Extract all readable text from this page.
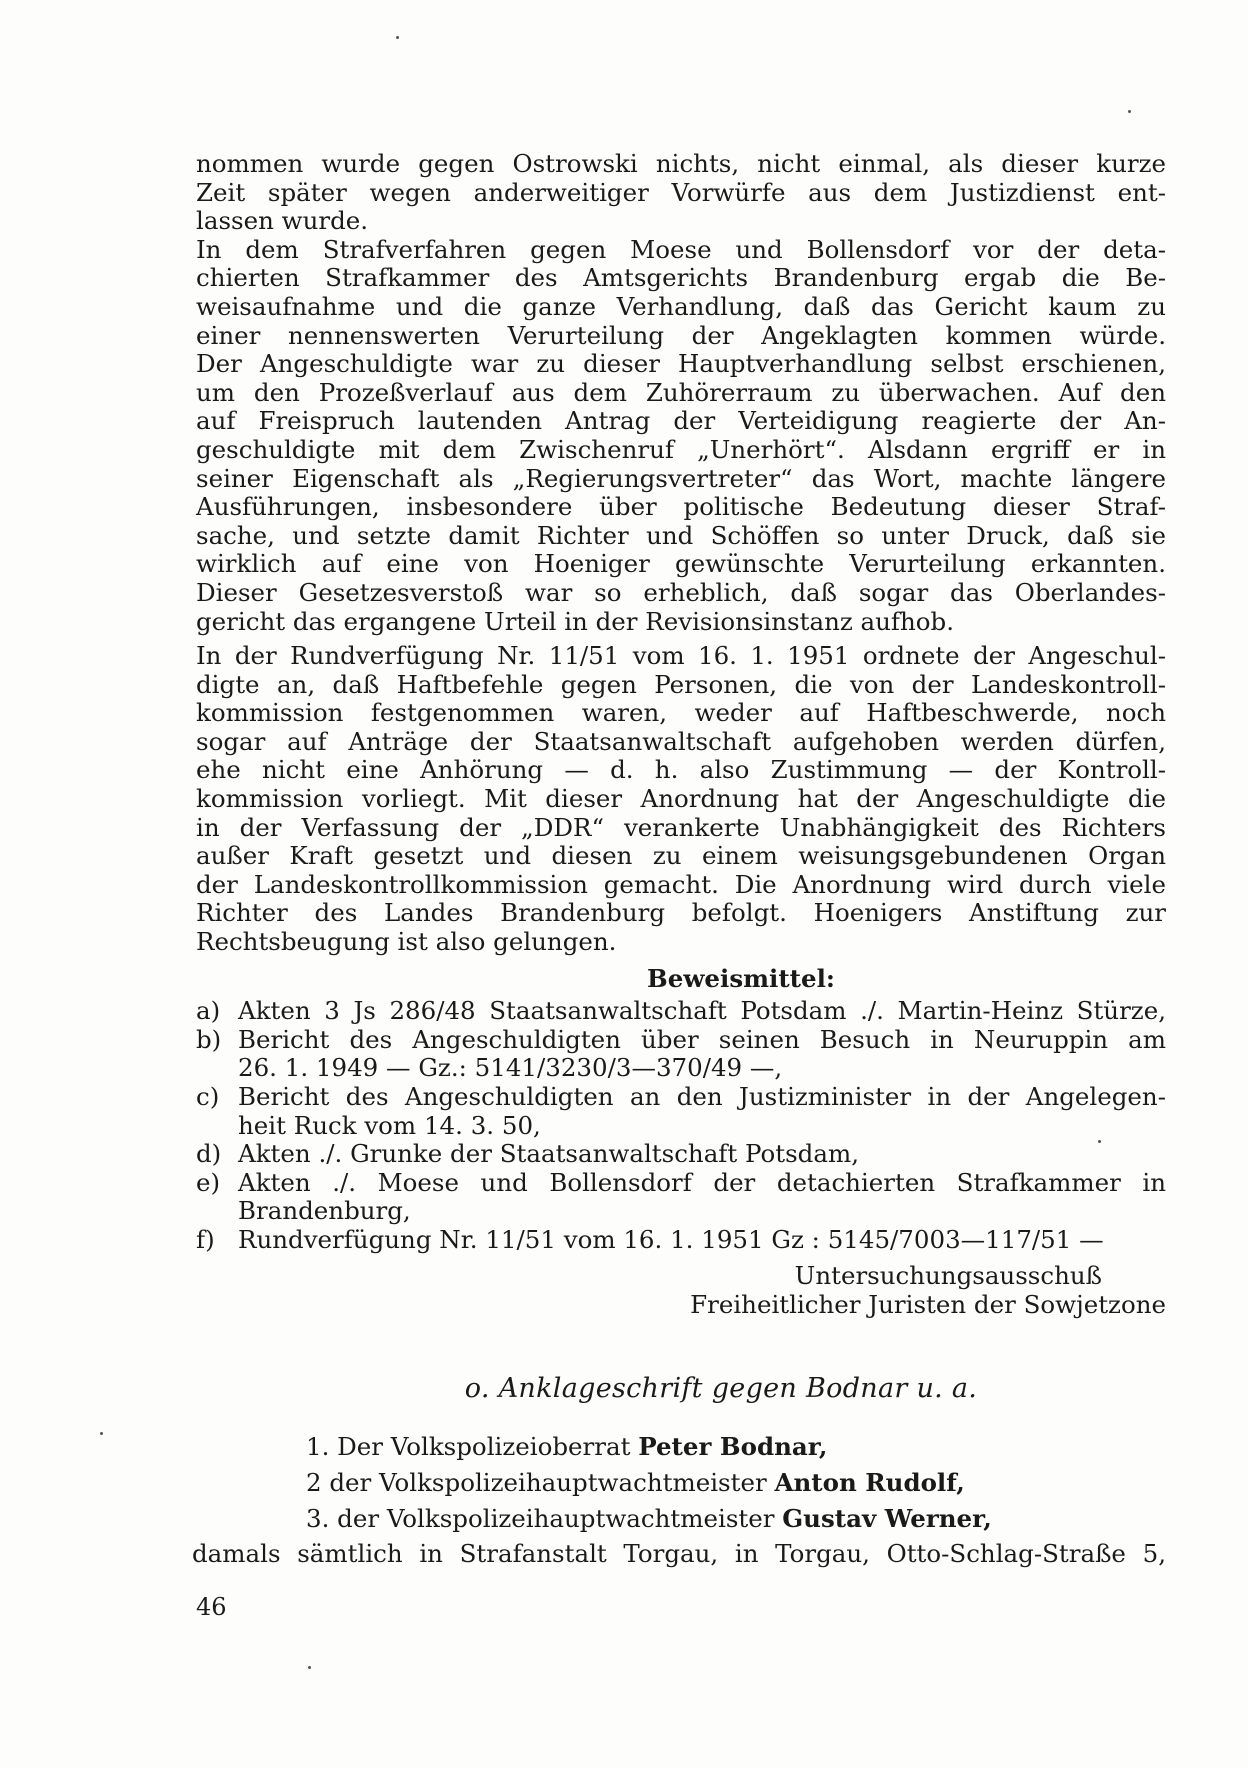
nommen wurde gegen Ostrowski nichts, nicht einmal, als dieser kurze
Zeit später wegen anderweitiger Vorwürfe aus dem Justizdienst ent-
lassen wurde.
In dem Strafverfahren gegen Moese und Bollensdorf vor der deta-
chierten Strafkammer des Amtsgerichts Brandenburg ergab die Be-
weisaufnahme und die ganze Verhandlung, daß das Gericht kaum zu
einer nennenswerten Verurteilung der Angeklagten kommen würde.
Der Angeschuldigte war zu dieser Hauptverhandlung selbst erschienen,
um den Prozeßverlauf aus dem Zuhörerraum zu überwachen. Auf den
auf Freispruch lautenden Antrag der Verteidigung reagierte der An-
geschuldigte mit dem Zwischenruf „Unerhört“. Alsdann ergriff er in
seiner Eigenschaft als „Regierungsvertreter“ das Wort, machte längere
Ausführungen, insbesondere über politische Bedeutung dieser Straf-
sache, und setzte damit Richter und Schöffen so unter Druck, daß sie
wirklich auf eine von Hoeniger gewünschte Verurteilung erkannten.
Dieser Gesetzesverstoß war so erheblich, daß sogar das Oberlandes-
gericht das ergangene Urteil in der Revisionsinstanz aufhob.
In der Rundverfügung Nr. 11/51 vom 16. 1. 1951 ordnete der Angeschul-
digte an, daß Haftbefehle gegen Personen, die von der Landeskontroll-
kommission festgenommen waren, weder auf Haftbeschwerde, noch
sogar auf Anträge der Staatsanwaltschaft aufgehoben werden dürfen,
ehe nicht eine Anhörung — d. h. also Zustimmung — der Kontroll-
kommission vorliegt. Mit dieser Anordnung hat der Angeschuldigte die
in der Verfassung der „DDR“ verankerte Unabhängigkeit des Richters
außer Kraft gesetzt und diesen zu einem weisungsgebundenen Organ
der Landeskontrollkommission gemacht. Die Anordnung wird durch viele
Richter des Landes Brandenburg befolgt. Hoenigers Anstiftung zur
Rechtsbeugung ist also gelungen.
Beweismittel:
a) Akten 3 Js 286/48 Staatsanwaltschaft Potsdam ./. Martin-Heinz Stürze,
b) Bericht des Angeschuldigten über seinen Besuch in Neuruppin am
26. 1. 1949 — Gz.: 5141/3230/3—370/49 —,
c) Bericht des Angeschuldigten an den Justizminister in der Angelegen-
heit Ruck vom 14. 3. 50,
d) Akten ./. Grunke der Staatsanwaltschaft Potsdam,
e) Akten ./. Moese und Bollensdorf der detachierten Strafkammer in
Brandenburg,
f) Rundverfügung Nr. 11/51 vom 16. 1. 1951 Gz : 5145/7003—117/51 —
Untersuchungsausschuß
Freiheitlicher Juristen der Sowjetzone
o. Anklageschrift gegen Bodnar u. a.
1. Der Volkspolizeioberrat Peter Bodnar,
2 der Volkspolizeihauptwachtmeister Anton Rudolf,
3. der Volkspolizeihauptwachtmeister Gustav Werner,
damals sämtlich in Strafanstalt Torgau, in Torgau, Otto-Schlag-Straße 5,
46
